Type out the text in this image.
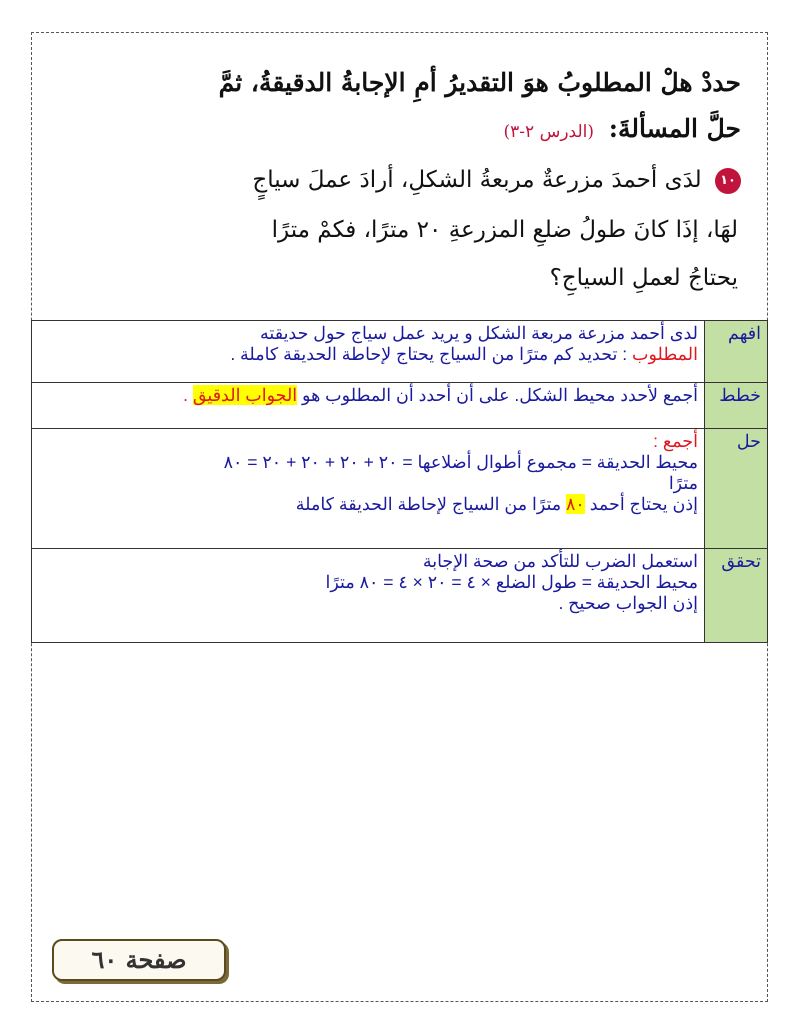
حددْ هلْ المطلوبُ هوَ التقديرُ أمِ الإجابةُ الدقيقةُ، ثمَّ
حلَّ المسألةَ: (الدرس ٢-٣)
١٠ لدَى أحمدَ مزرعةٌ مربعةُ الشكلِ، أرادَ عملَ سياجٍ
لهَا، إذَا كانَ طولُ ضلعِ المزرعةِ ٢٠ مترًا، فكمْ مترًا
يحتاجُ لعملِ السياجِ؟
افهم	لدى أحمد مزرعة مربعة الشكل و يريد عمل سياج حول حديقته
المطلوب : تحديد كم مترًا من السياج يحتاج لإحاطة الحديقة كاملة .

خطط	أجمع لأحدد محيط الشكل. على أن أحدد أن المطلوب هو الجواب الدقيق .
حل	أجمع :
محيط الحديقة = مجموع أطوال أضلاعها = ٢٠ + ٢٠ + ٢٠ + ٢٠ = ٨٠
مترًا
إذن يحتاج أحمد ٨٠ مترًا من السياج لإحاطة الحديقة كاملة

تحقق	استعمل الضرب للتأكد من صحة الإجابة
محيط الحديقة = طول الضلع × ٤ = ٢٠ × ٤ = ٨٠ مترًا
إذن الجواب صحيح .
صفحة ٦٠
